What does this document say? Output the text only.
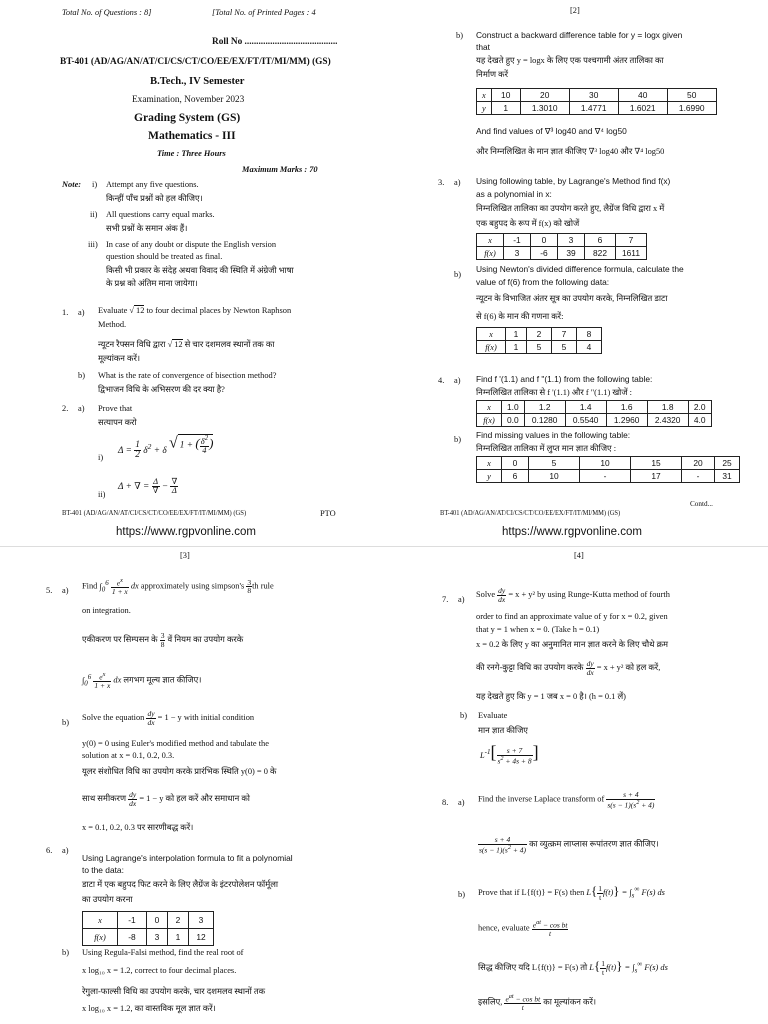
Total No. of Questions : 8]	[Total No. of Printed Pages : 4
Roll No ........................................
BT-401 (AD/AG/AN/AT/CI/CS/CT/CO/EE/EX/FT/IT/MI/MM) (GS)
B.Tech., IV Semester
Examination, November 2023
Grading System (GS)
Mathematics - III
Time : Three Hours
Maximum Marks : 70
Note: i) Attempt any five questions.
किन्हीं पाँच प्रश्नों को हल कीजिए।
ii) All questions carry equal marks.
सभी प्रश्नों के समान अंक हैं।
iii) In case of any doubt or dispute the English version
question should be treated as final.
किसी भी प्रकार के संदेह अथवा विवाद की स्थिति में अंग्रेजी भाषा
के प्रश्न को अंतिम माना जायेगा।
1. a) Evaluate √ 12 to four decimal places by Newton Raphson
Method.
न्यूटन रैफ्सन विधि द्वारा √ 12 से चार दशमलव स्थानों तक का
मूल्यांकन करें।
b) What is the rate of convergence of bisection method?
द्विभाजन विधि के अभिसरण की दर क्या है?
2. a) Prove that
सत्यापन करो
i)
$\Delta = \frac{1}{2} \delta^2 + \delta$ √ 1 + ( $\frac{\delta^2}{4}$ )
ii)
Δ + ∇ = $\frac{\Delta}{\nabla} - \frac{\nabla}{\Delta}$
BT-401 (AD/AG/AN/AT/CI/CS/CT/CO/EE/EX/FT/IT/MI/MM) (GS)	PTO
https://www.rgpvonline.com
[2]
b) Construct a backward difference table for y = logx given
that
यह देखते हुए y = logx के लिए एक पश्चगामी अंतर तालिका का
निर्माण करें
x	10	20	30	40	50
y	1	1.3010	1.4771	1.6021	1.6990
And find values of ∇³ log40 and ∇⁴ log50
और निम्नलिखित के मान ज्ञात कीजिए ∇³ log40 और ∇⁴ log50
3. a) Using following table, by Lagrange's Method find f(x)
as a polynomial in x:
निम्नलिखित तालिका का उपयोग करते हुए, लैग्रेंज विधि द्वारा x में
एक बहुपद के रूप में f(x) को खोजें
x	-1	0	3	6	7
f(x)	3	-6	39	822	1611
b)
Using Newton's divided difference formula, calculate the
value of f(6) from the following data:
न्यूटन के विभाजित अंतर सूत्र का उपयोग करके, निम्नलिखित डाटा
से f(6) के मान की गणना करें:
x	1	2	7	8
f(x)	1	5	5	4
4. a) Find f '(1.1) and f "(1.1) from the following table:
निम्नलिखित तालिका से f '(1.1) और f "(1.1) खोजें :
x	1.0	1.2	1.4	1.6	1.8	2.0
f(x)	0.0	0.1280	0.5540	1.2960	2.4320	4.0
b) Find missing values in the following table:
निम्नलिखित तालिका में लुप्त मान ज्ञात कीजिए :
x	0	5	10	15	20	25
y	6	10	-	17	-	31
Contd...
BT-401 (AD/AG/AN/AT/CI/CS/CT/CO/EE/EX/FT/IT/MI/MM) (GS)
https://www.rgpvonline.com
[3]
5. a) Find $\int_0^6 \frac{e^x}{1 + x}$ dx approximately using simpson's $\frac{3}{8}$ th rule
on integration.
एकीकरण पर सिम्पसन के $\frac{3}{8}$ वें नियम का उपयोग करके
$\int_0^6 \frac{e^x}{1 + x}$ dx लगभग मूल्य ज्ञात कीजिए।
b)
Solve the equation $\frac{dy}{dx} = 1 - y$ with initial condition
y(0) = 0 using Euler's modified method and tabulate the
solution at x = 0.1, 0.2, 0.3.
यूलर संशोधित विधि का उपयोग करके प्रारंभिक स्थिति y(0) = 0 के
साथ समीकरण $\frac{dy}{dx} = 1 - y$ को हल करें और समाधान को
x = 0.1, 0.2, 0.3 पर सारणीबद्ध करें।
6. a)
Using Lagrange's interpolation formula to fit a polynomial
to the data:
डाटा में एक बहुपद फिट करने के लिए लैग्रेंज के इंटरपोलेशन फॉर्मूला
का उपयोग करना
x	-1	0	2	3
f(x)	-8	3	1	12
b) Using Regula-Falsi method, find the real root of
x log₁₀ x = 1.2, correct to four decimal places.
रेगुला-फाल्सी विधि का उपयोग करके, चार दशमलव स्थानों तक
x log₁₀ x = 1.2, का वास्तविक मूल ज्ञात करें।
[4]
7. a)
Solve $\frac{dy}{dx} = x + y^2$ by using Runge-Kutta method of fourth
order to find an approximate value of y for x = 0.2, given
that y = 1 when x = 0. (Take h = 0.1)
x = 0.2 के लिए y का अनुमानित मान ज्ञात करने के लिए चौथे क्रम
की रनगे-कुट्टा विधि का उपयोग करके $\frac{dy}{dx} = x + y^2$ को हल करें,
यह देखते हुए कि y = 1 जब x = 0 है। (h = 0.1 लें)
b) Evaluate
मान ज्ञात कीजिए
$L^{-1}[ \frac{s + 7}{s^2 + 4s + 8}$ ]
8. a) Find the inverse Laplace transform of $\frac{s + 4}{s(s - 1)(s^2 + 4)}$
$\frac{s + 4}{s(s - 1)(s^2 + 4)}$ का व्युत्क्रम लाप्लास रूपांतरण ज्ञात कीजिए।
b) Prove that if L{f(t)} = F(s) then $L\{ \frac{1}{t} f(t)\} = \int_s^\infty$ F(s) ds
hence, evaluate $\frac{e^{at} - \cos bt}{t}$
सिद्ध कीजिए यदि L{f(t)} = F(s) तो $L\{ \frac{1}{t} f(t)\} = \int_s^\infty$ F(s) ds
इसलिए, $\frac{e^{at} - \cos bt}{t}$ का मूल्यांकन करें।
